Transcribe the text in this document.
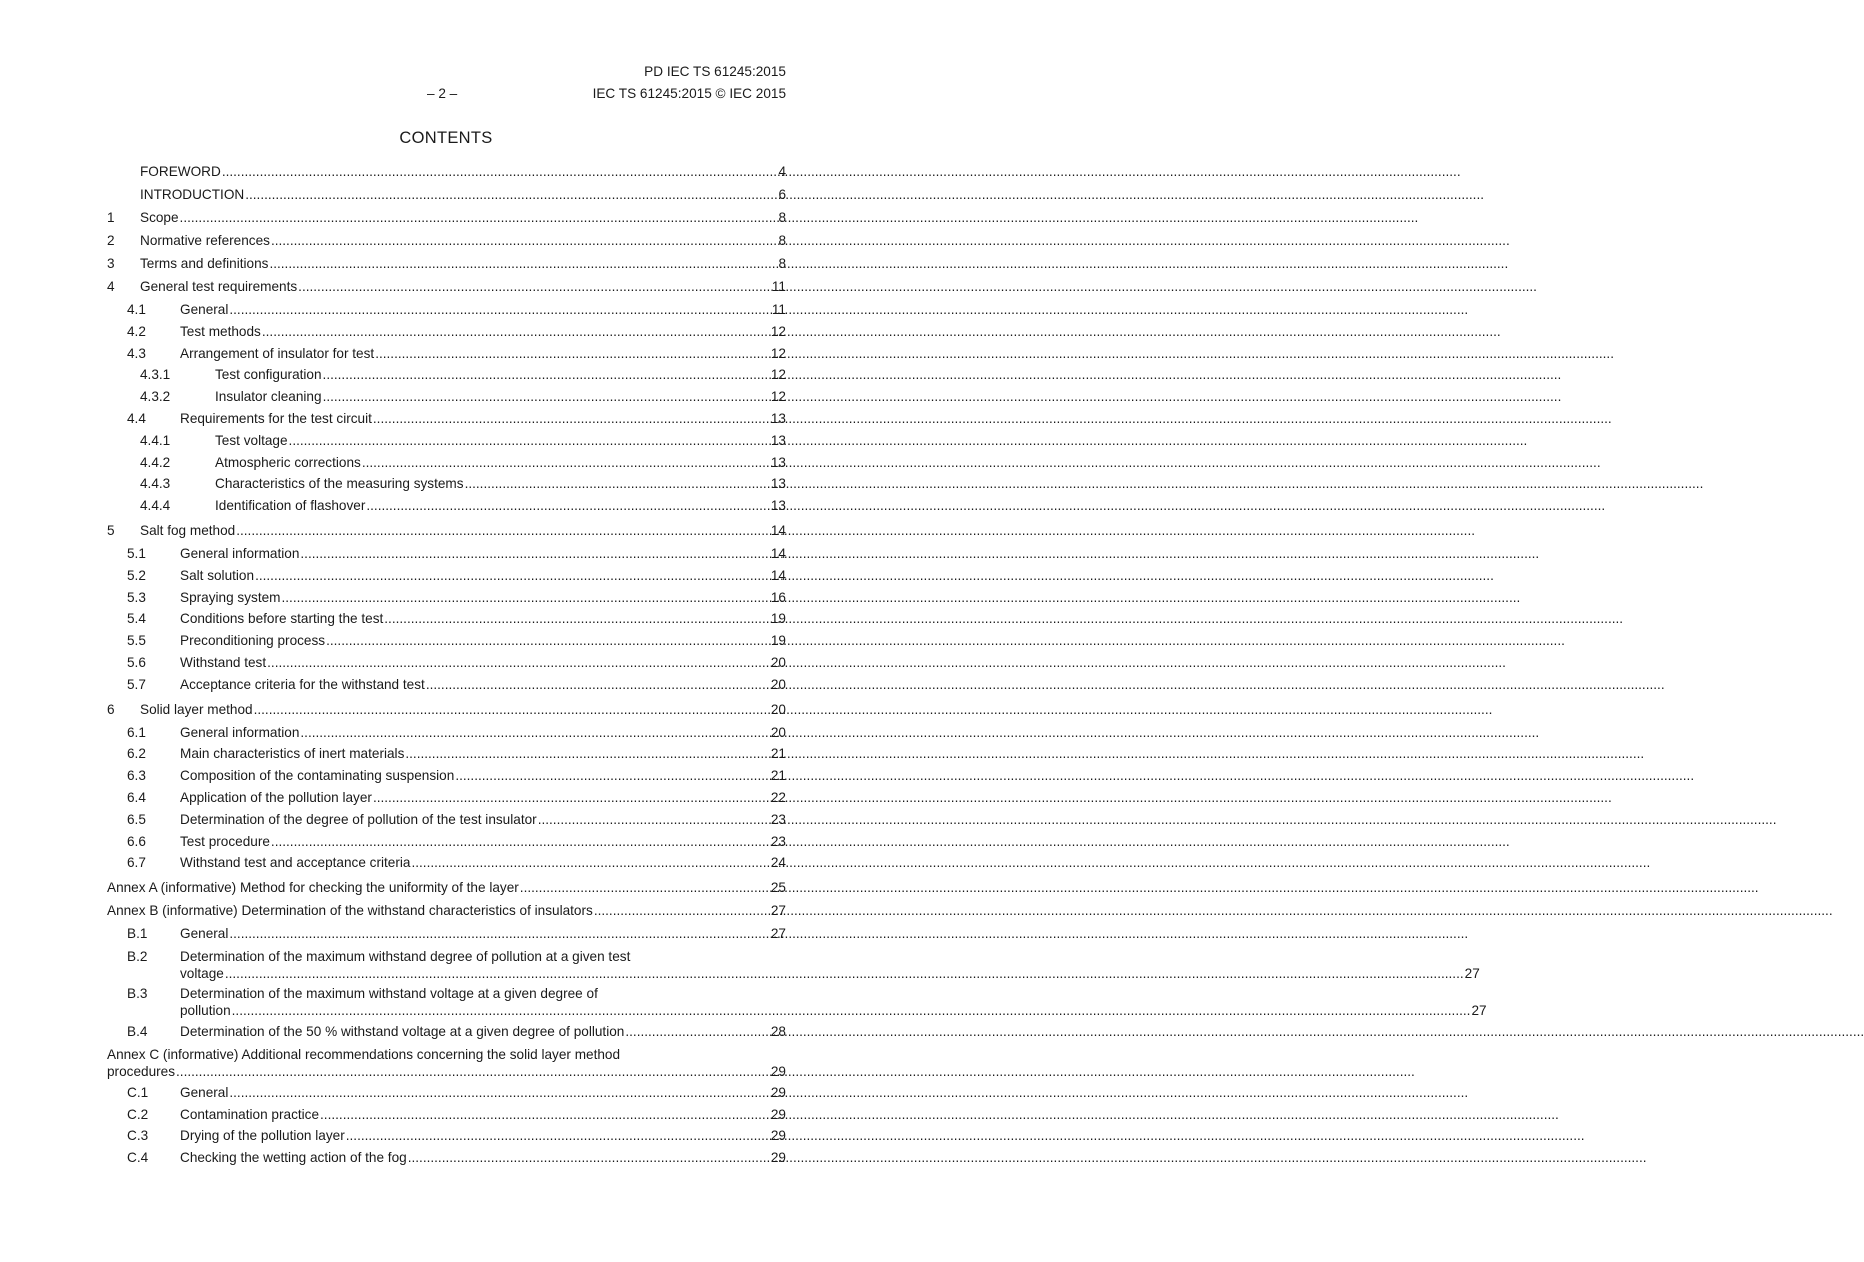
PD IEC TS 61245:2015
– 2 –	IEC TS 61245:2015 © IEC 2015
CONTENTS
FOREWORD .....	4
INTRODUCTION .....	6
1	Scope .....	8
2	Normative references .....	8
3	Terms and definitions .....	8
4	General test requirements .....	11
4.1	General .....	11
4.2	Test methods .....	12
4.3	Arrangement of insulator for test .....	12
4.3.1	Test configuration .....	12
4.3.2	Insulator cleaning .....	12
4.4	Requirements for the test circuit .....	13
4.4.1	Test voltage .....	13
4.4.2	Atmospheric corrections .....	13
4.4.3	Characteristics of the measuring systems .....	13
4.4.4	Identification of flashover .....	13
5	Salt fog method .....	14
5.1	General information .....	14
5.2	Salt solution .....	14
5.3	Spraying system .....	16
5.4	Conditions before starting the test .....	19
5.5	Preconditioning process .....	19
5.6	Withstand test .....	20
5.7	Acceptance criteria for the withstand test .....	20
6	Solid layer method .....	20
6.1	General information .....	20
6.2	Main characteristics of inert materials .....	21
6.3	Composition of the contaminating suspension .....	21
6.4	Application of the pollution layer .....	22
6.5	Determination of the degree of pollution of the test insulator .....	23
6.6	Test procedure .....	23
6.7	Withstand test and acceptance criteria .....	24
Annex A (informative) Method for checking the uniformity of the layer .....	25
Annex B (informative) Determination of the withstand characteristics of insulators .....	27
B.1	General .....	27
B.2	Determination of the maximum withstand degree of pollution at a given test
voltage .....	27
B.3	Determination of the maximum withstand voltage at a given degree of
pollution .....	27
B.4	Determination of the 50 % withstand voltage at a given degree of pollution .....	28
Annex C (informative) Additional recommendations concerning the solid layer method
procedures .....	29
C.1	General .....	29
C.2	Contamination practice .....	29
C.3	Drying of the pollution layer .....	29
C.4	Checking the wetting action of the fog .....	29
